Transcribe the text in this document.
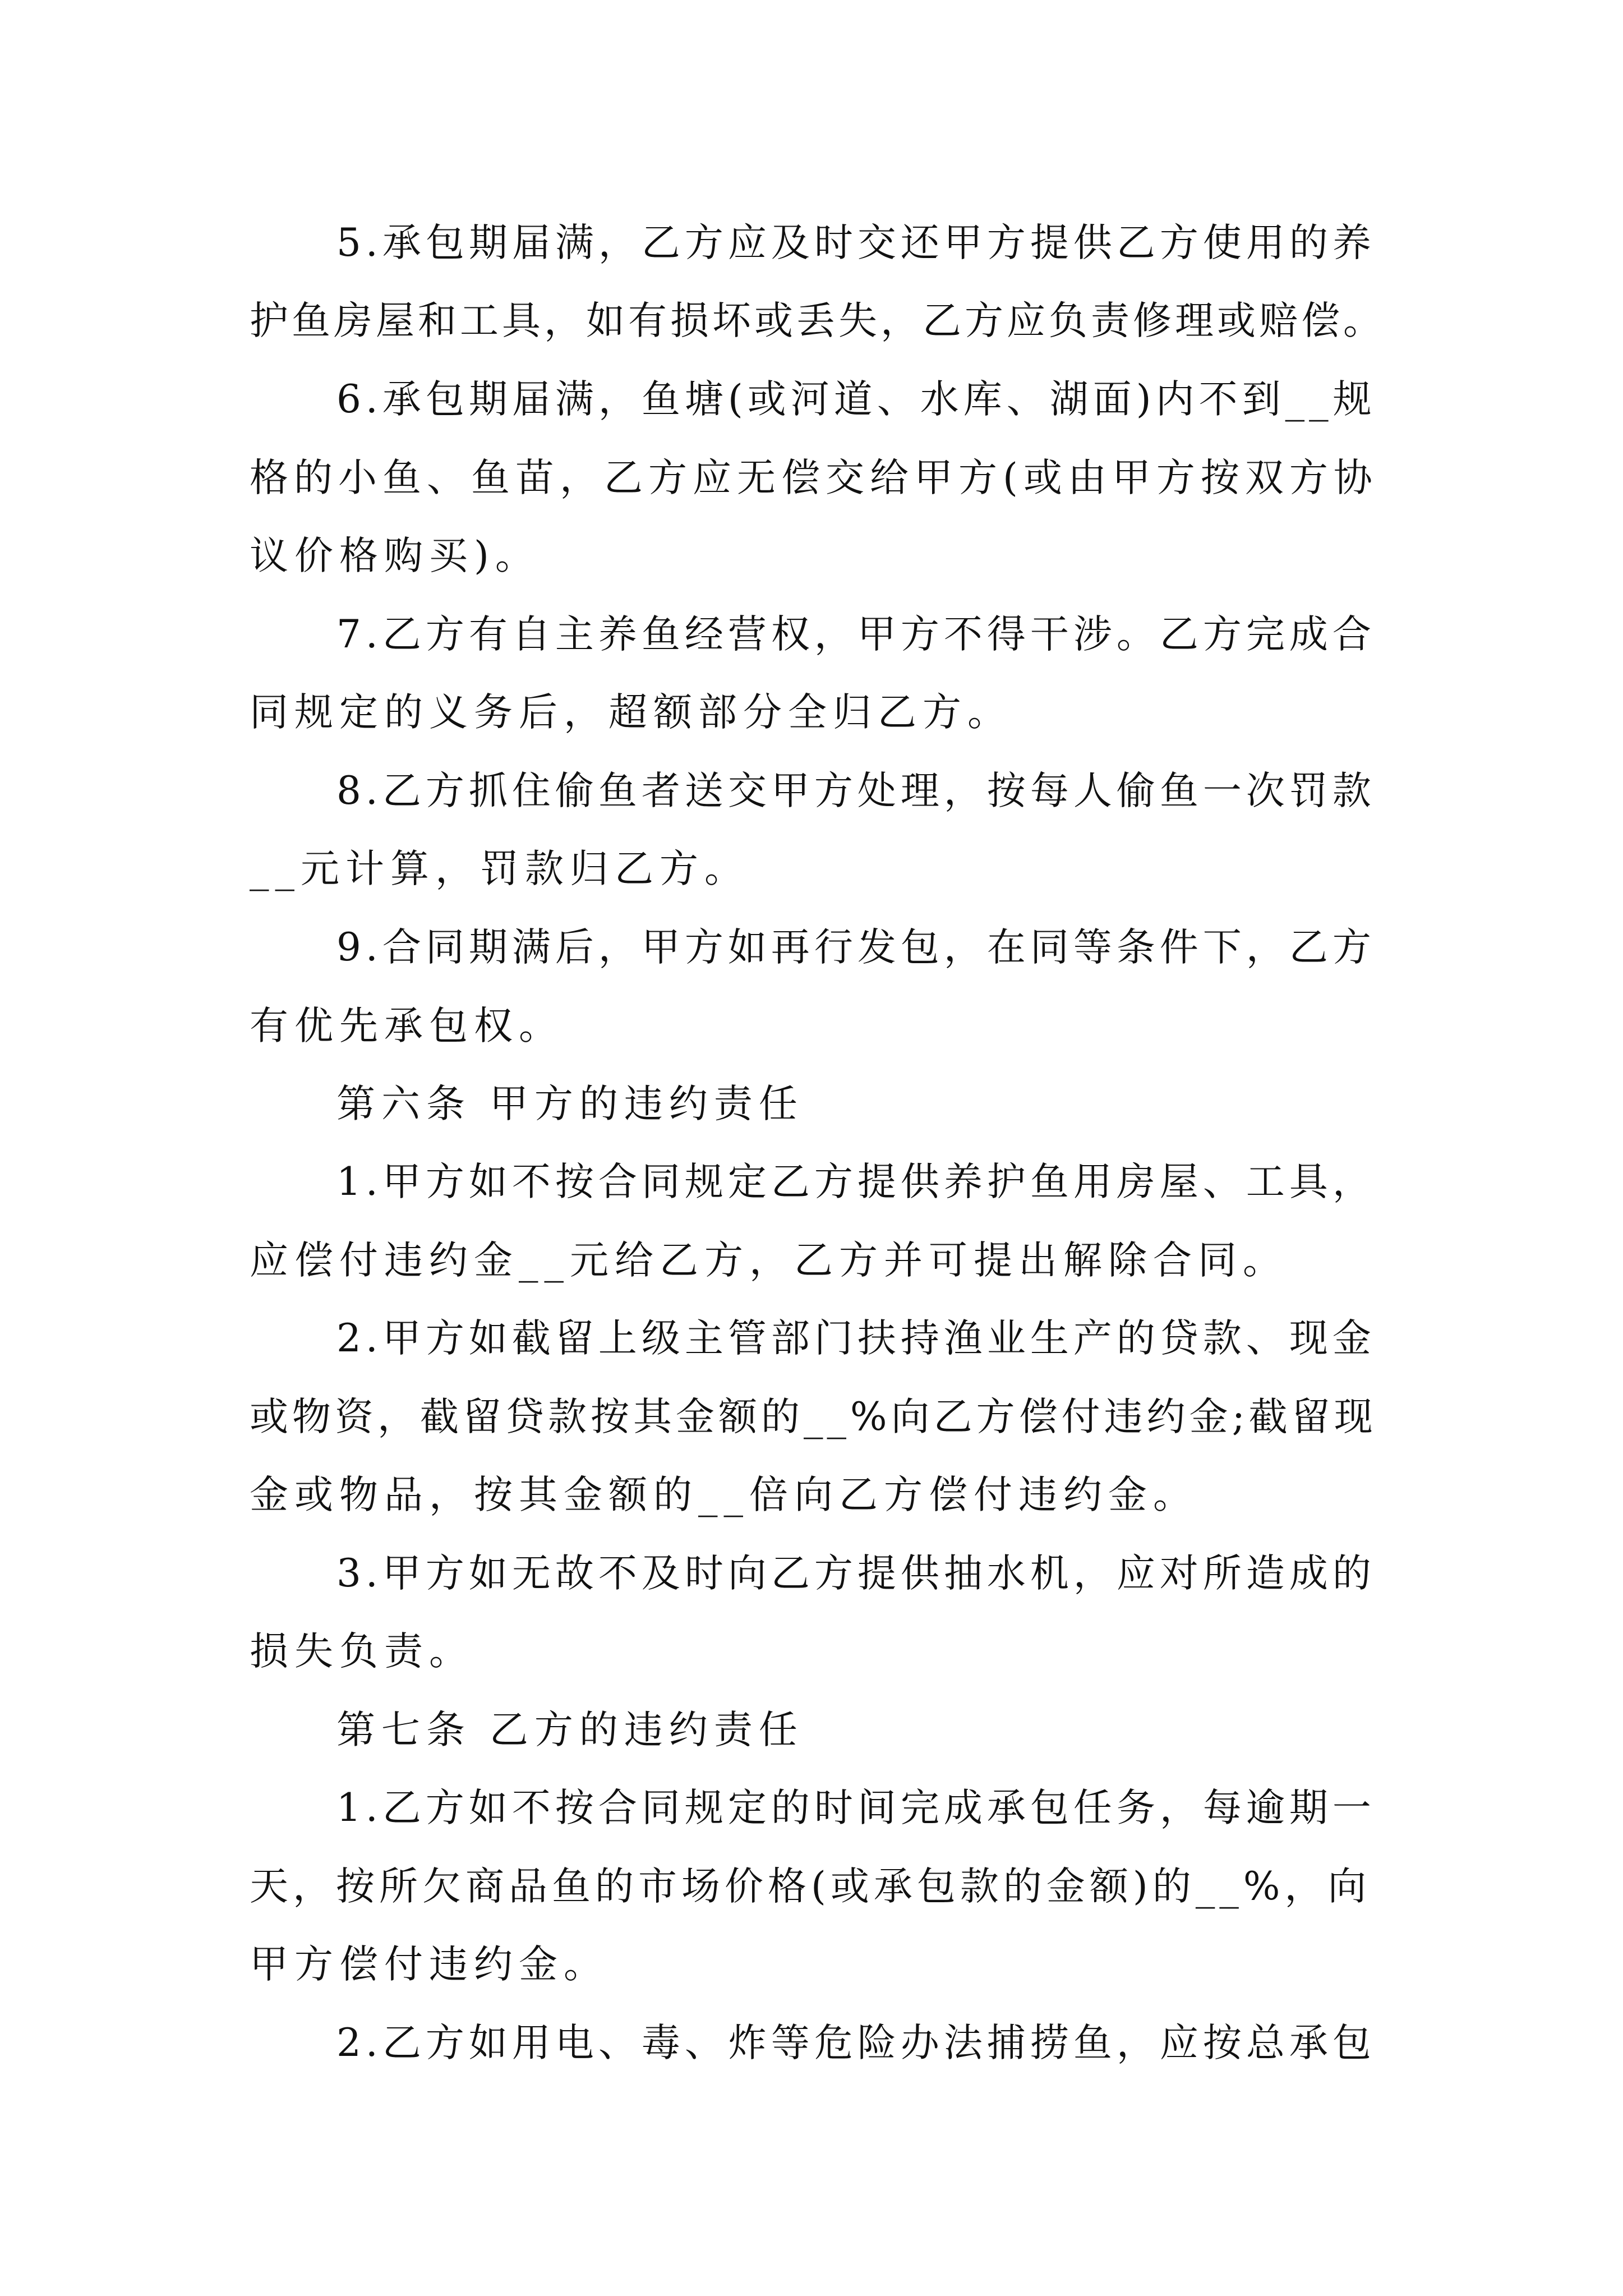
5.承包期届满，乙方应及时交还甲方提供乙方使用的养
护鱼房屋和工具，如有损坏或丢失，乙方应负责修理或赔偿。
6.承包期届满，鱼塘(或河道、水库、湖面)内不到__规
格的小鱼、鱼苗，乙方应无偿交给甲方(或由甲方按双方协
议价格购买)。
7.乙方有自主养鱼经营权，甲方不得干涉。乙方完成合
同规定的义务后，超额部分全归乙方。
8.乙方抓住偷鱼者送交甲方处理，按每人偷鱼一次罚款
__元计算，罚款归乙方。
9.合同期满后，甲方如再行发包，在同等条件下，乙方
有优先承包权。
第六条 甲方的违约责任
1.甲方如不按合同规定乙方提供养护鱼用房屋、工具，
应偿付违约金__元给乙方，乙方并可提出解除合同。
2.甲方如截留上级主管部门扶持渔业生产的贷款、现金
或物资，截留贷款按其金额的__%向乙方偿付违约金;截留现
金或物品，按其金额的__倍向乙方偿付违约金。
3.甲方如无故不及时向乙方提供抽水机，应对所造成的
损失负责。
第七条 乙方的违约责任
1.乙方如不按合同规定的时间完成承包任务，每逾期一
天，按所欠商品鱼的市场价格(或承包款的金额)的__%，向
甲方偿付违约金。
2.乙方如用电、毒、炸等危险办法捕捞鱼，应按总承包
